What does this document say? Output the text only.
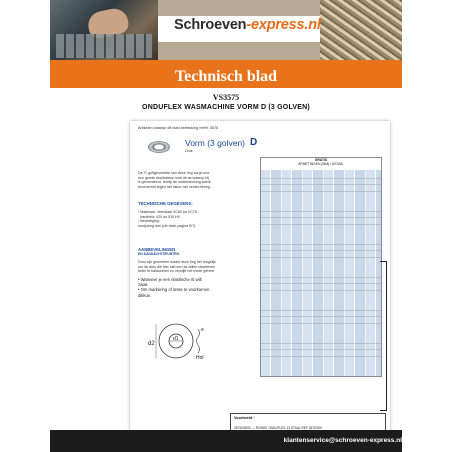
Schroeven-express.nl
Technisch blad
VS3575
ONDUFLEX WASMACHINE VORM D (3 GOLVEN)
Artikelen waarop dit blad betrekking heeft: 3575
Vorm (3 golven)
Druk
D
De 3°-golfgeometrie van deze ring zorgt voor
een goede drukbalans rond de as waarop hij
is gemonteerd, terwijl de ondersteuning wordt
beschermd tegen het risico van verdechering.
TECHNISCHE GEGEVENS:
› Materiaal: Veerstaal XC60 tot XC75
- hardheid: 420 tot 510 HV
› Bevestiging:
roodpleeg ons (zie tabel pagina 5/7).
AANBEVELINGEN
EN AANDACHTSPUNTEN
Door zijn geometrie maakt deze ring het mogelijk
om de druk die hier niet een as willen uitoefenen
beter te balanceren en verstijft het mede geheel.
• Wanneer je een elastische rit wilt
zwak
• Om markering of losse te voorkomen
dikkun.
d2
d1
e
Hol
GRATIS
AFMETINGEN (MM) / ASTAB.
Voorbeeld :
3575/30000 — RONDE ONDUFLEX 13 STAAL REF 3575/300
klantenservice@schroeven-express.nl
